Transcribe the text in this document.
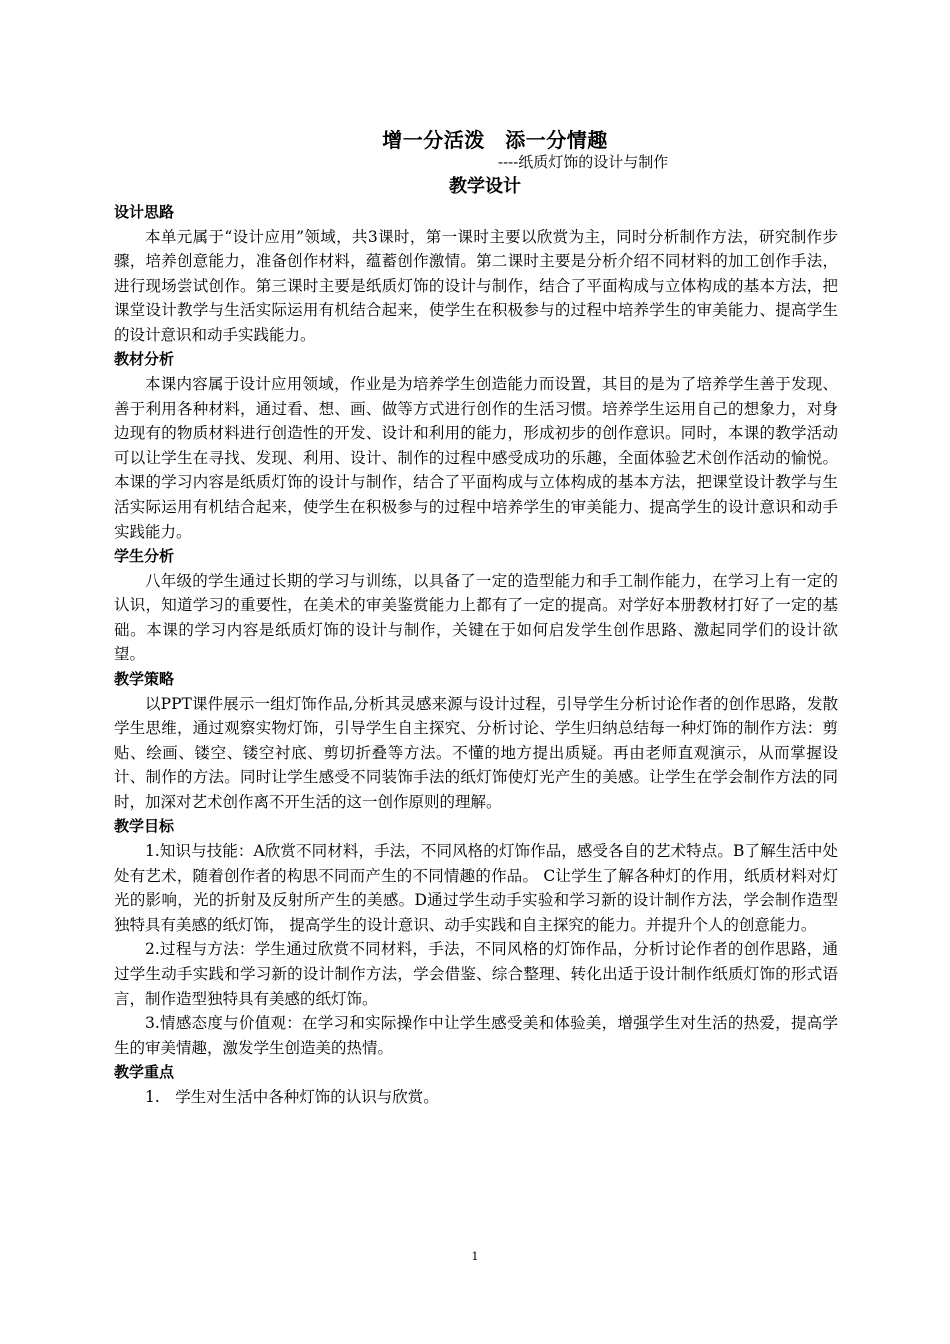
增一分活泼　添一分情趣
----纸质灯饰的设计与制作
教学设计

设计思路

本单元属于“设计应用”领域，共3课时，第一课时主要以欣赏为主，同时分析制作方法，研究制作步骤，培养创意能力，准备创作材料，蕴蓄创作激情。第二课时主要是分析介绍不同材料的加工创作手法，进行现场尝试创作。第三课时主要是纸质灯饰的设计与制作，结合了平面构成与立体构成的基本方法，把课堂设计教学与生活实际运用有机结合起来，使学生在积极参与的过程中培养学生的审美能力、提高学生的设计意识和动手实践能力。

教材分析

本课内容属于设计应用领域，作业是为培养学生创造能力而设置，其目的是为了培养学生善于发现、善于利用各种材料，通过看、想、画、做等方式进行创作的生活习惯。培养学生运用自己的想象力，对身边现有的物质材料进行创造性的开发、设计和利用的能力，形成初步的创作意识。同时，本课的教学活动可以让学生在寻找、发现、利用、设计、制作的过程中感受成功的乐趣，全面体验艺术创作活动的愉悦。本课的学习内容是纸质灯饰的设计与制作，结合了平面构成与立体构成的基本方法，把课堂设计教学与生活实际运用有机结合起来，使学生在积极参与的过程中培养学生的审美能力、提高学生的设计意识和动手实践能力。

学生分析

八年级的学生通过长期的学习与训练，以具备了一定的造型能力和手工制作能力，在学习上有一定的认识，知道学习的重要性，在美术的审美鉴赏能力上都有了一定的提高。对学好本册教材打好了一定的基础。本课的学习内容是纸质灯饰的设计与制作，关键在于如何启发学生创作思路、激起同学们的设计欲望。

教学策略

以PPT课件展示一组灯饰作品,分析其灵感来源与设计过程，引导学生分析讨论作者的创作思路，发散学生思维，通过观察实物灯饰，引导学生自主探究、分析讨论、学生归纳总结每一种灯饰的制作方法：剪贴、绘画、镂空、镂空衬底、剪切折叠等方法。不懂的地方提出质疑。再由老师直观演示，从而掌握设计、制作的方法。同时让学生感受不同装饰手法的纸灯饰使灯光产生的美感。让学生在学会制作方法的同时，加深对艺术创作离不开生活的这一创作原则的理解。

教学目标

1.知识与技能：A欣赏不同材料，手法，不同风格的灯饰作品，感受各自的艺术特点。B了解生活中处处有艺术，随着创作者的构思不同而产生的不同情趣的作品。 C让学生了解各种灯的作用，纸质材料对灯光的影响，光的折射及反射所产生的美感。D通过学生动手实验和学习新的设计制作方法，学会制作造型独特具有美感的纸灯饰， 提高学生的设计意识、动手实践和自主探究的能力。并提升个人的创意能力。

2.过程与方法：学生通过欣赏不同材料，手法，不同风格的灯饰作品，分析讨论作者的创作思路，通过学生动手实践和学习新的设计制作方法，学会借鉴、综合整理、转化出适于设计制作纸质灯饰的形式语言，制作造型独特具有美感的纸灯饰。

3.情感态度与价值观：在学习和实际操作中让学生感受美和体验美，增强学生对生活的热爱，提高学生的审美情趣，激发学生创造美的热情。

教学重点

1.　学生对生活中各种灯饰的认识与欣赏。

1
